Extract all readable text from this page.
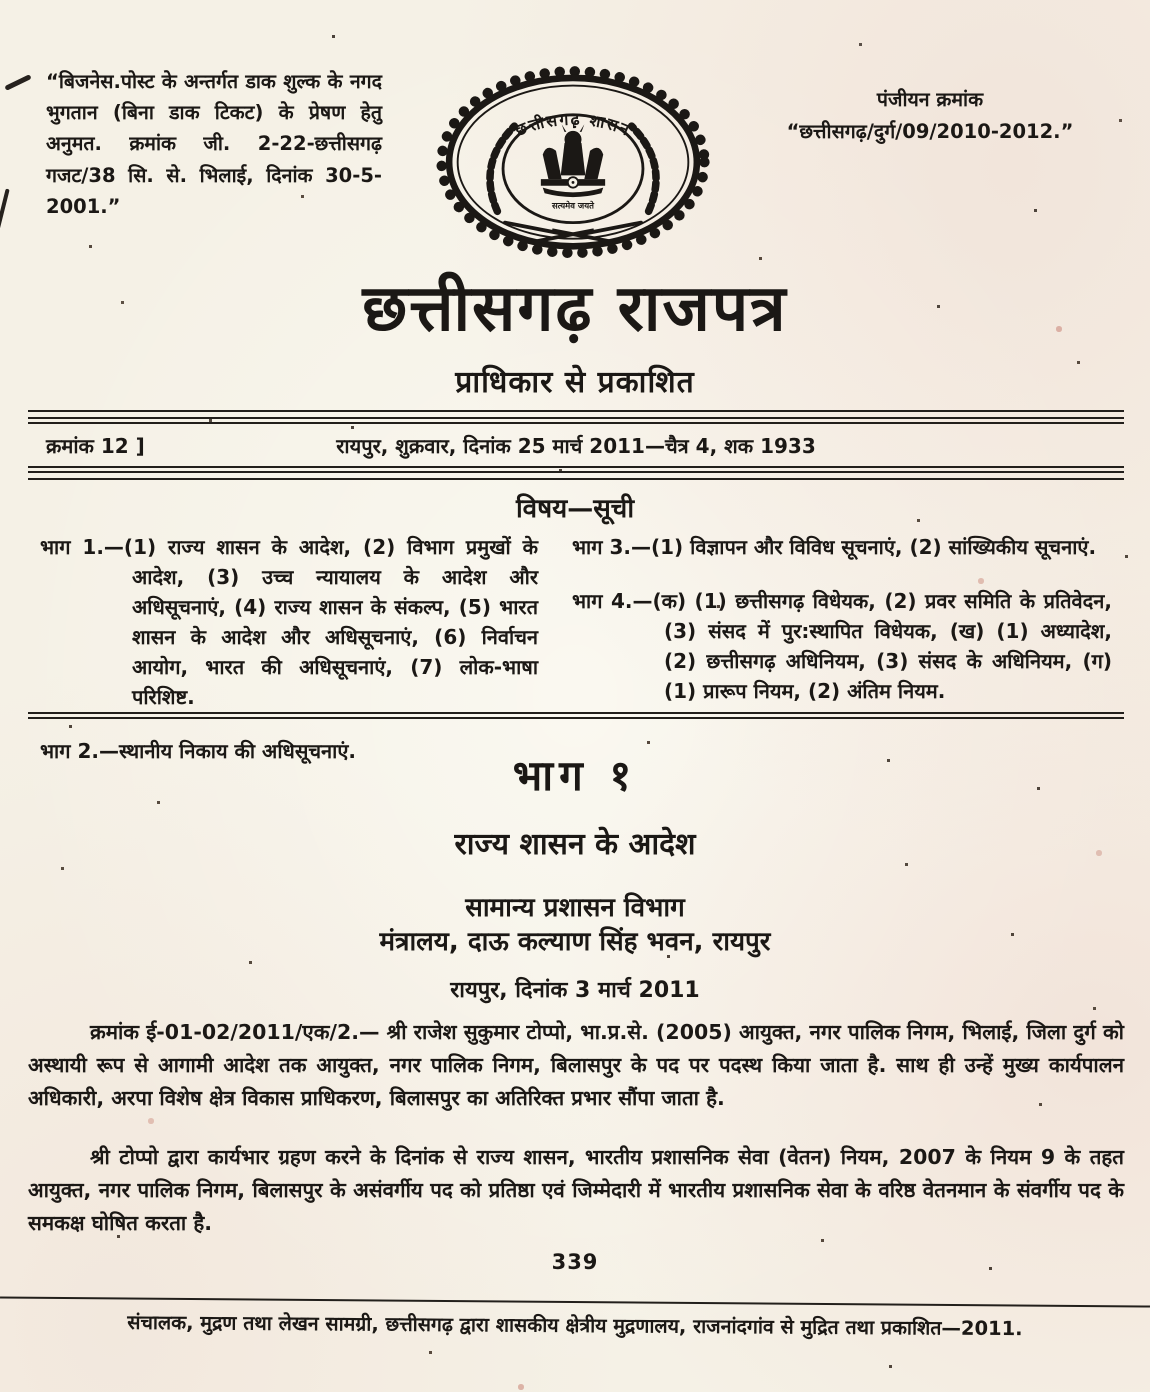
“बिजनेस.पोस्ट के अन्तर्गत डाक शुल्क के नगद भुगतान (बिना डाक टिकट) के प्रेषण हेतु अनुमत. क्रमांक जी. 2-22-छत्तीसगढ़ गजट/38 सि. से. भिलाई, दिनांक 30-5-2001.”
पंजीयन क्रमांक
“छत्तीसगढ़/दुर्ग/09/2010-2012.”
छत्तीसगढ़ शासन
सत्यमेव जयते
छत्तीसगढ़ राजपत्र
प्राधिकार से प्रकाशित
क्रमांक 12 ]	रायपुर, शुक्रवार, दिनांक 25 मार्च 2011—चैत्र 4, शक 1933
विषय—सूची

भाग 1.—(1) राज्य शासन के आदेश, (2) विभाग प्रमुखों के आदेश, (3) उच्च न्यायालय के आदेश और अधिसूचनाएं, (4) राज्य शासन के संकल्प, (5) भारत शासन के आदेश और अधिसूचनाएं, (6) निर्वाचन आयोग, भारत की अधिसूचनाएं, (7) लोक-भाषा परिशिष्ट.

भाग 2.—स्थानीय निकाय की अधिसूचनाएं.

भाग 3.—(1) विज्ञापन और विविध सूचनाएं, (2) सांख्यिकीय सूचनाएं.

भाग 4.—(क) (1) छत्तीसगढ़ विधेयक, (2) प्रवर समिति के प्रतिवेदन, (3) संसद में पुर:स्थापित विधेयक, (ख) (1) अध्यादेश, (2) छत्तीसगढ़ अधिनियम, (3) संसद के अधिनियम, (ग) (1) प्रारूप नियम, (2) अंतिम नियम.

भाग १
राज्य शासन के आदेश
सामान्य प्रशासन विभाग
मंत्रालय, दाऊ कल्याण सिंह भवन, रायपुर
रायपुर, दिनांक 3 मार्च 2011

क्रमांक ई-01-02/2011/एक/2.— श्री राजेश सुकुमार टोप्पो, भा.प्र.से. (2005) आयुक्त, नगर पालिक निगम, भिलाई, जिला दुर्ग को अस्थायी रूप से आगामी आदेश तक आयुक्त, नगर पालिक निगम, बिलासपुर के पद पर पदस्थ किया जाता है. साथ ही उन्हें मुख्य कार्यपालन अधिकारी, अरपा विशेष क्षेत्र विकास प्राधिकरण, बिलासपुर का अतिरिक्त प्रभार सौंपा जाता है.

श्री टोप्पो द्वारा कार्यभार ग्रहण करने के दिनांक से राज्य शासन, भारतीय प्रशासनिक सेवा (वेतन) नियम, 2007 के नियम 9 के तहत आयुक्त, नगर पालिक निगम, बिलासपुर के असंवर्गीय पद को प्रतिष्ठा एवं जिम्मेदारी में भारतीय प्रशासनिक सेवा के वरिष्ठ वेतनमान के संवर्गीय पद के समकक्ष घोषित करता है.

339
संचालक, मुद्रण तथा लेखन सामग्री, छत्तीसगढ़ द्वारा शासकीय क्षेत्रीय मुद्रणालय, राजनांदगांव से मुद्रित तथा प्रकाशित—2011.
